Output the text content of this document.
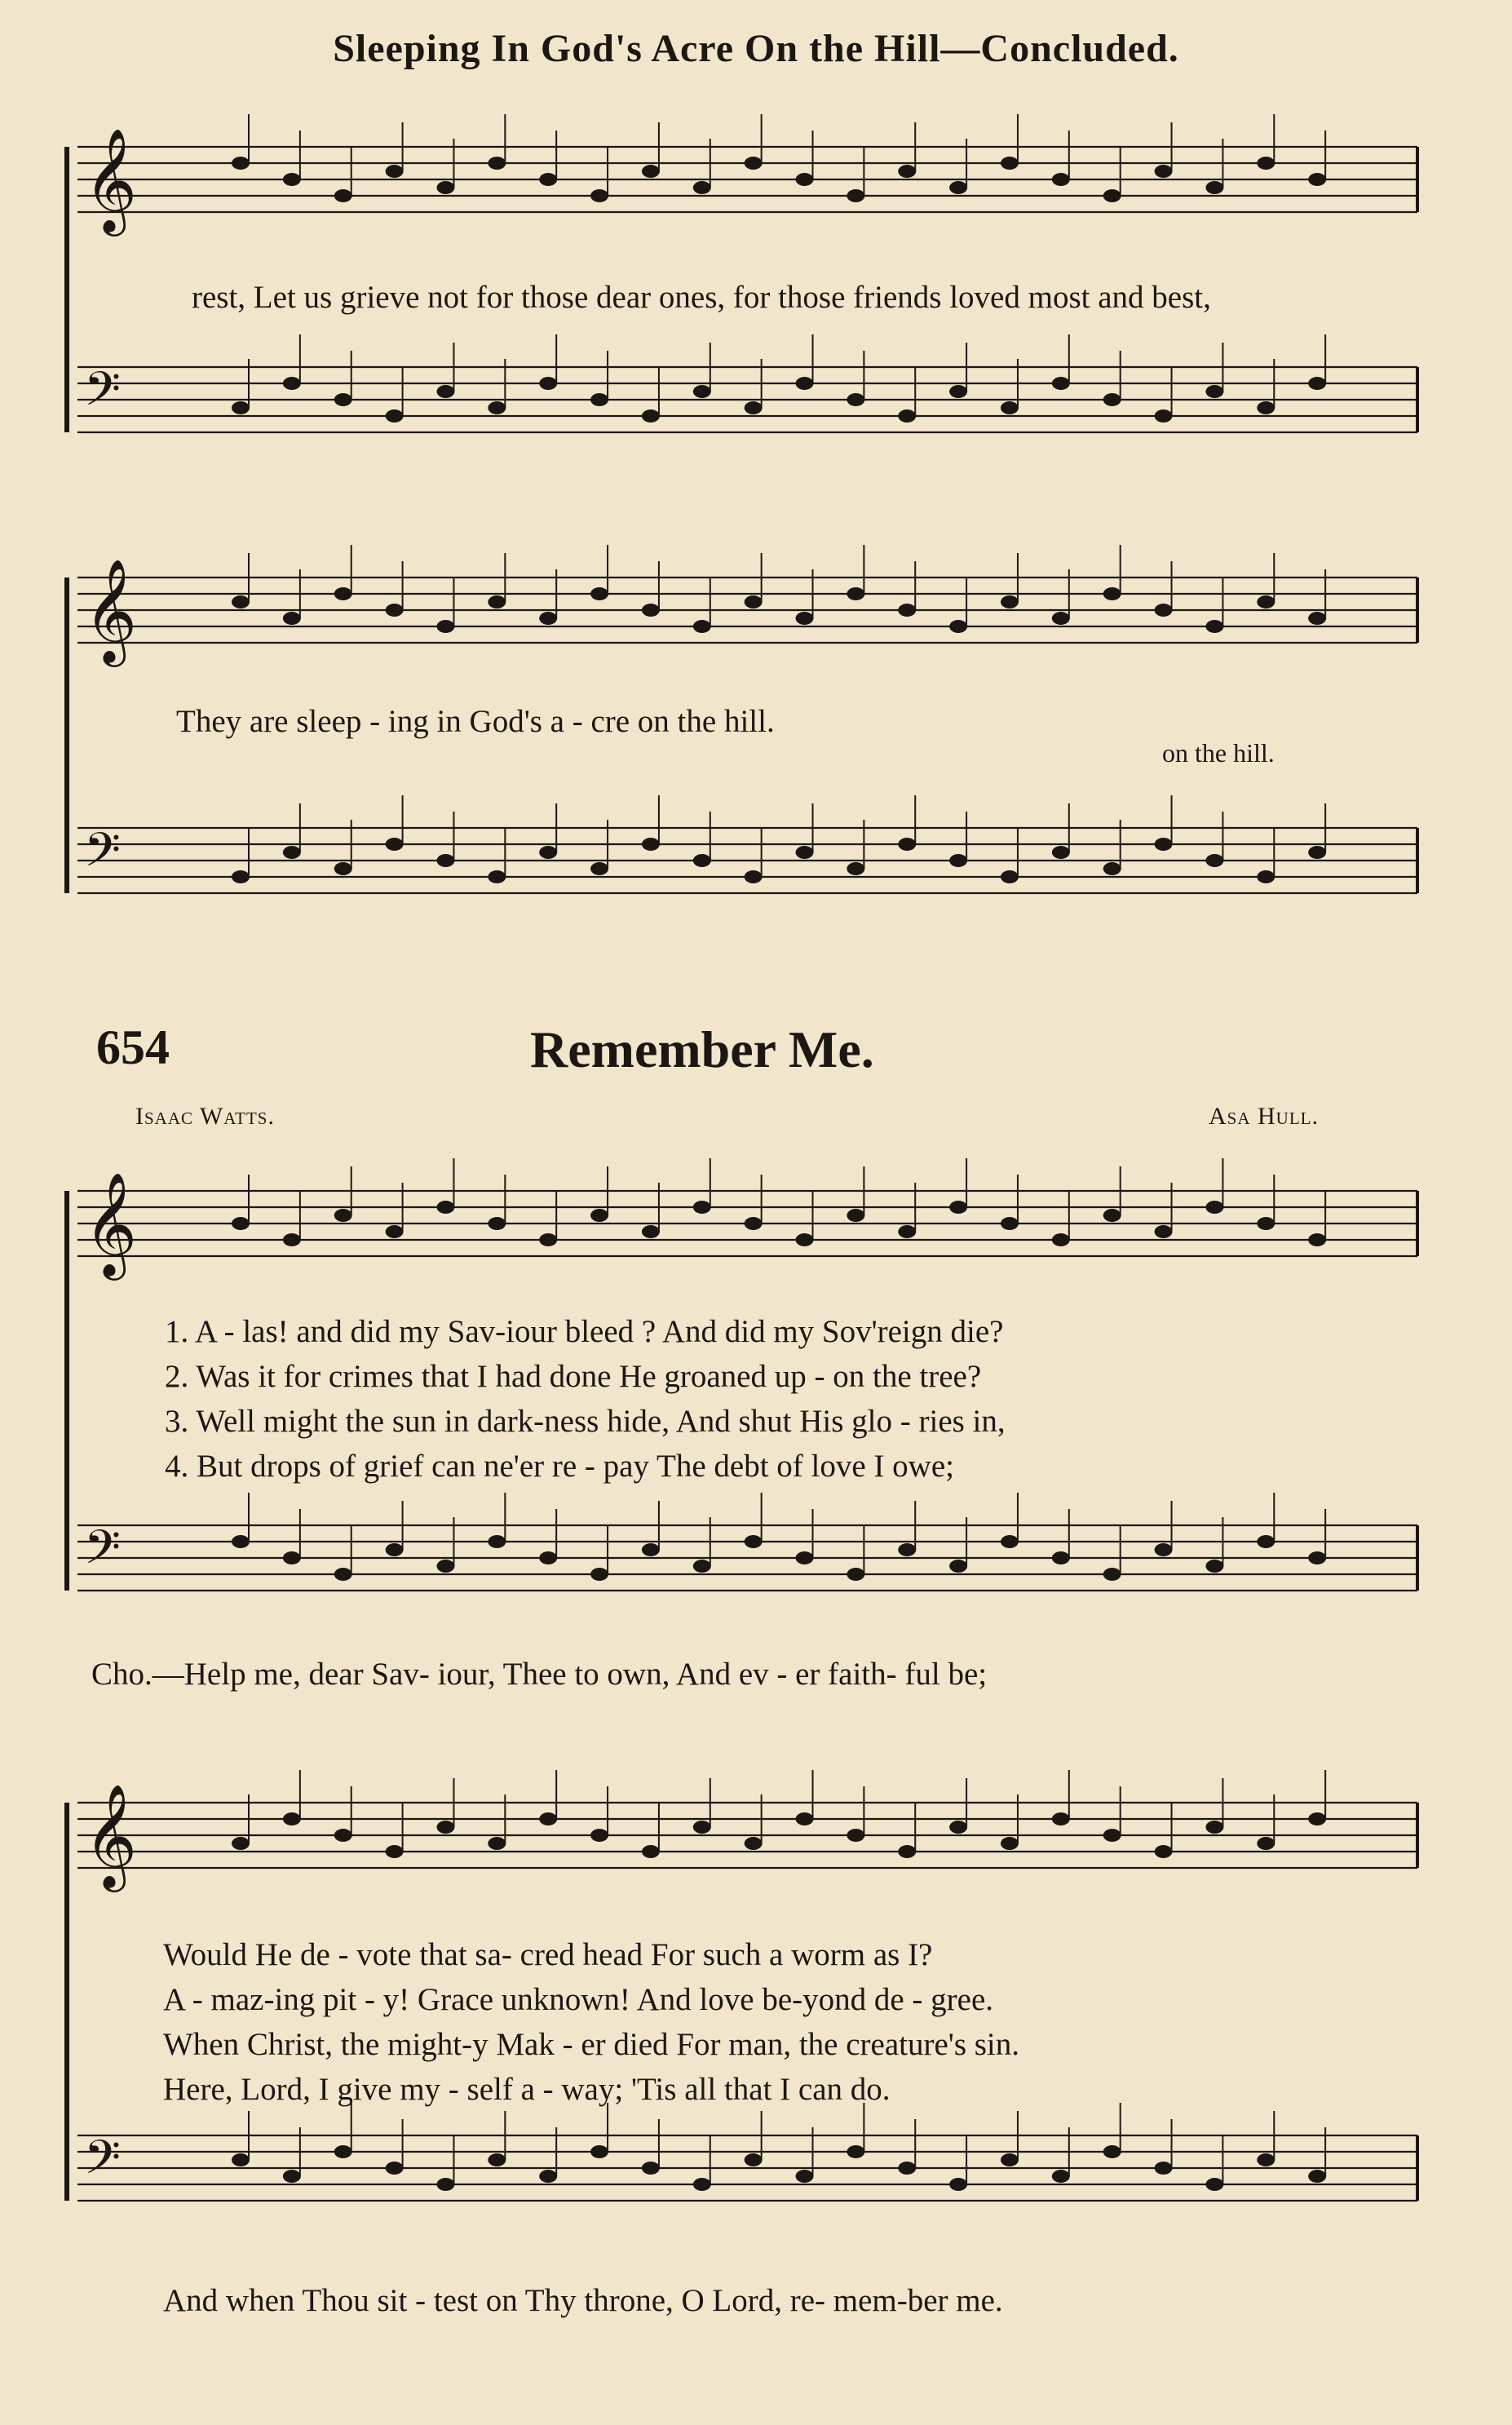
𝄞
𝄢
𝄞
𝄢
𝄞
𝄢
𝄞
𝄢
Sleeping In God's Acre On the Hill—Concluded.
rest, Let us grieve not for those dear ones, for those friends loved most and best,
They are sleep - ing in God's a - cre on the hill.
on the hill.
654	Remember Me.
Isaac Watts.	Asa Hull.
1. A - las! and did my Sav-iour bleed ? And did my Sov'reign die?
2. Was it for crimes that I had done He groaned up - on the tree?
3. Well might the sun in dark-ness hide, And shut His glo - ries in,
4. But drops of grief can ne'er re - pay The debt of love I owe;
Cho.—Help me, dear Sav- iour, Thee to own, And ev - er faith- ful be;
Would He de - vote that sa- cred head For such a worm as I?
A - maz-ing pit - y! Grace unknown! And love be-yond de - gree.
When Christ, the might-y Mak - er died For man, the creature's sin.
Here, Lord, I give my - self a - way; 'Tis all that I can do.
And when Thou sit - test on Thy throne, O Lord, re- mem-ber me.
